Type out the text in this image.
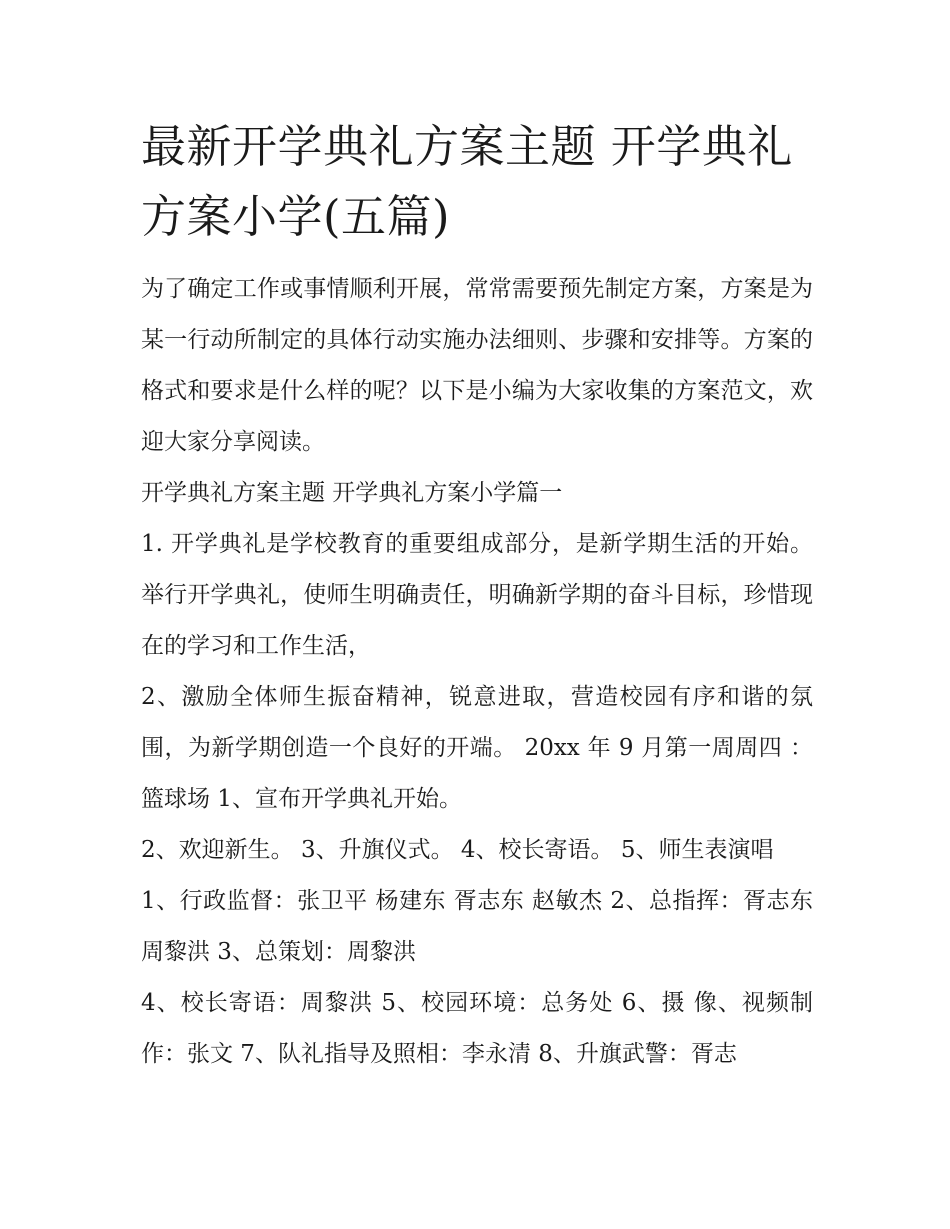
最新开学典礼方案主题 开学典礼方案小学(五篇)

为了确定工作或事情顺利开展，常常需要预先制定方案，方案是为某一行动所制定的具体行动实施办法细则、步骤和安排等。方案的格式和要求是什么样的呢？以下是小编为大家收集的方案范文，欢迎大家分享阅读。

开学典礼方案主题 开学典礼方案小学篇一

1. 开学典礼是学校教育的重要组成部分，是新学期生活的开始。举行开学典礼，使师生明确责任，明确新学期的奋斗目标，珍惜现在的学习和工作生活，

2、激励全体师生振奋精神，锐意进取，营造校园有序和谐的氛围，为新学期创造一个良好的开端。 20xx 年 9 月第一周周四 ：篮球场 1、宣布开学典礼开始。

2、欢迎新生。 3、升旗仪式。 4、校长寄语。 5、师生表演唱

1、行政监督：张卫平 杨建东 胥志东 赵敏杰 2、总指挥：胥志东 周黎洪 3、总策划：周黎洪

4、校长寄语：周黎洪 5、校园环境：总务处 6、摄 像、视频制作：张文 7、队礼指导及照相：李永清 8、升旗武警：胥志
